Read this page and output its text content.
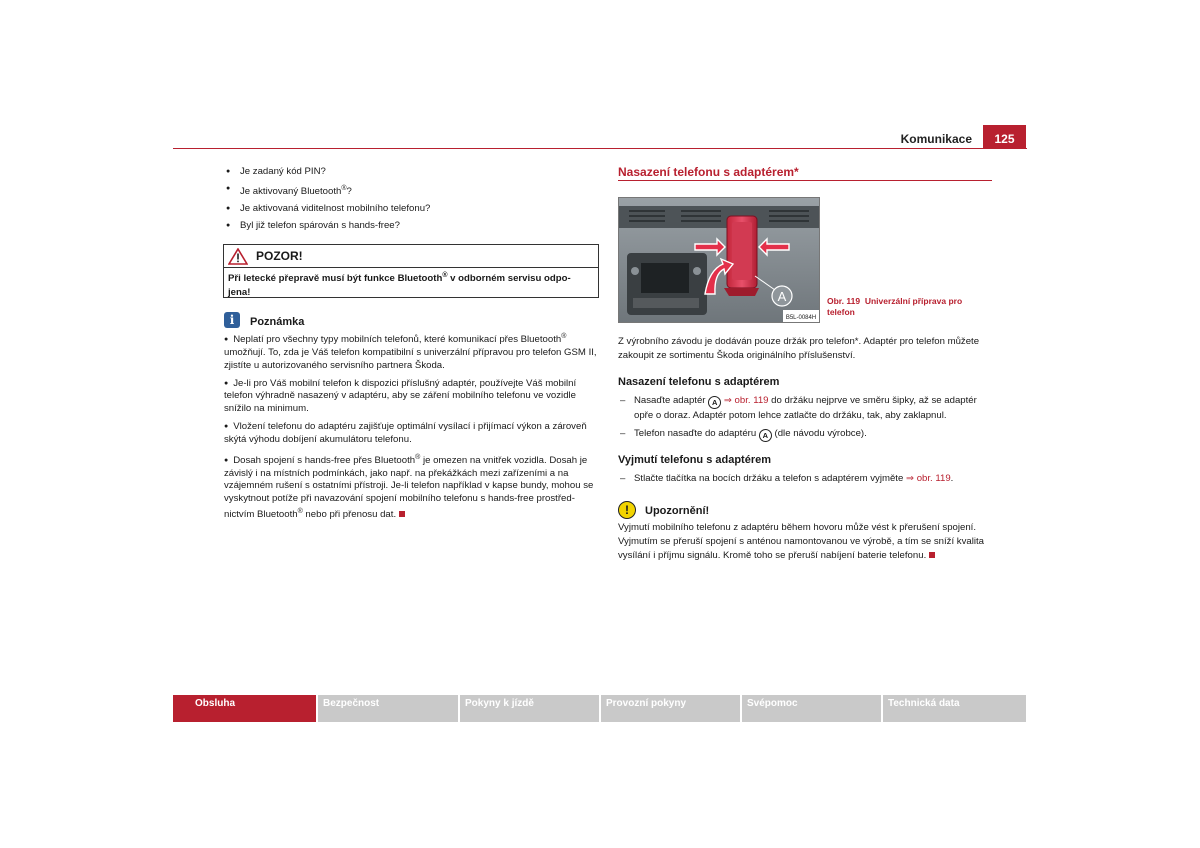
Komunikace	125
● Je zadaný kód PIN?
● Je aktivovaný Bluetooth®?
● Je aktivovaná viditelnost mobilního telefonu?
● Byl již telefon spárován s hands-free?
POZOR!
Při letecké přepravě musí být funkce Bluetooth® v odborném servisu odpo-
jena!
i	Poznámka

● Neplatí pro všechny typy mobilních telefonů, které komunikací přes Bluetooth® umožňují. To, zda je Váš telefon kompatibilní s univerzální přípravou pro telefon GSM II, zjistíte u autorizovaného servisního partnera Škoda.

● Je-li pro Váš mobilní telefon k dispozici příslušný adaptér, používejte Váš mobilní telefon výhradně nasazený v adaptéru, aby se záření mobilního telefonu ve vozidle snížilo na minimum.

● Vložení telefonu do adaptéru zajišťuje optimální vysílací i přijímací výkon a zároveň skýtá výhodu dobíjení akumulátoru telefonu.

● Dosah spojení s hands-free přes Bluetooth® je omezen na vnitřek vozidla. Dosah je závislý i na místních podmínkách, jako např. na překážkách mezi zařízeními a na vzájemném rušení s ostatními přístroji. Je-li telefon například v kapse bundy, mohou se vyskytnout potíže při navazování spojení mobilního telefonu s hands-free prostřed- nictvím Bluetooth® nebo při přenosu dat.

Nasazení telefonu s adaptérem*
A
B5L-0084H
Obr. 119 Univerzální příprava pro telefon
Z výrobního závodu je dodáván pouze držák pro telefon*. Adaptér pro telefon můžete zakoupit ze sortimentu Škoda originálního příslušenství.
Nasazení telefonu s adaptérem
– Nasaďte adaptér A ⇒ obr. 119 do držáku nejprve ve směru šipky, až se adaptér opře o doraz. Adaptér potom lehce zatlačte do držáku, tak, aby zaklapnul.
– Telefon nasaďte do adaptéru A (dle návodu výrobce).
Vyjmutí telefonu s adaptérem
– Stlačte tlačítka na bocích držáku a telefon s adaptérem vyjměte ⇒ obr. 119.
!	Upozornění!
Vyjmutí mobilního telefonu z adaptéru během hovoru může vést k přerušení spojení. Vyjmutím se přeruší spojení s anténou namontovanou ve výrobě, a tím se sníží kvalita vysílání i příjmu signálu. Kromě toho se přeruší nabíjení baterie telefonu.
Obsluha	Bezpečnost	Pokyny k jízdě	Provozní pokyny	Svépomoc	Technická data
